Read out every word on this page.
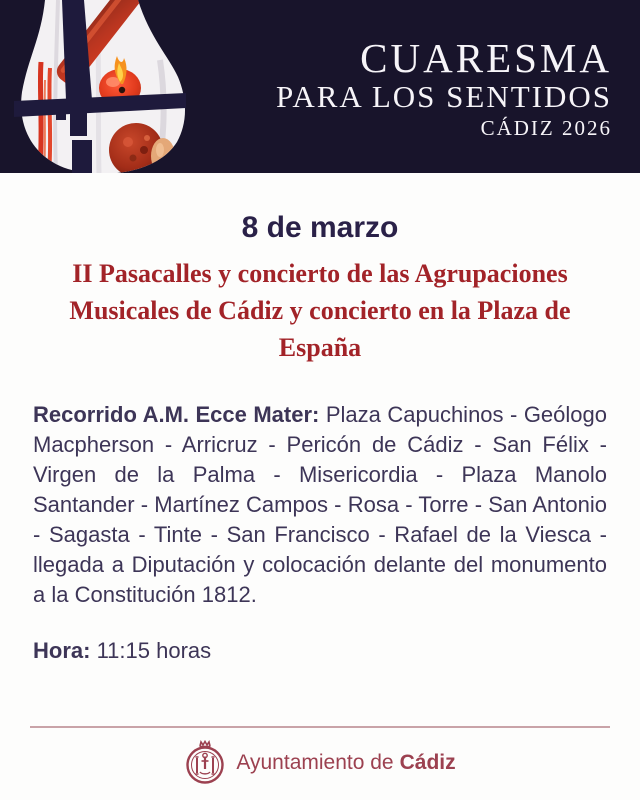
CUARESMA
PARA LOS SENTIDOS
CÁDIZ 2026
8 de marzo
II Pasacalles y concierto de las Agrupaciones Musicales de Cádiz y concierto en la Plaza de España

Recorrido A.M. Ecce Mater: Plaza Capuchinos - Geólogo Macpherson - Arricruz - Pericón de Cádiz - San Félix - Virgen de la Palma - Misericordia - Plaza Manolo Santander - Martínez Campos - Rosa - Torre - San Antonio - Sagasta - Tinte - San Francisco - Rafael de la Viesca - llegada a Diputación y colocación delante del monumento a la Constitución 1812.

Hora: 11:15 horas

Ayuntamiento de Cádiz
